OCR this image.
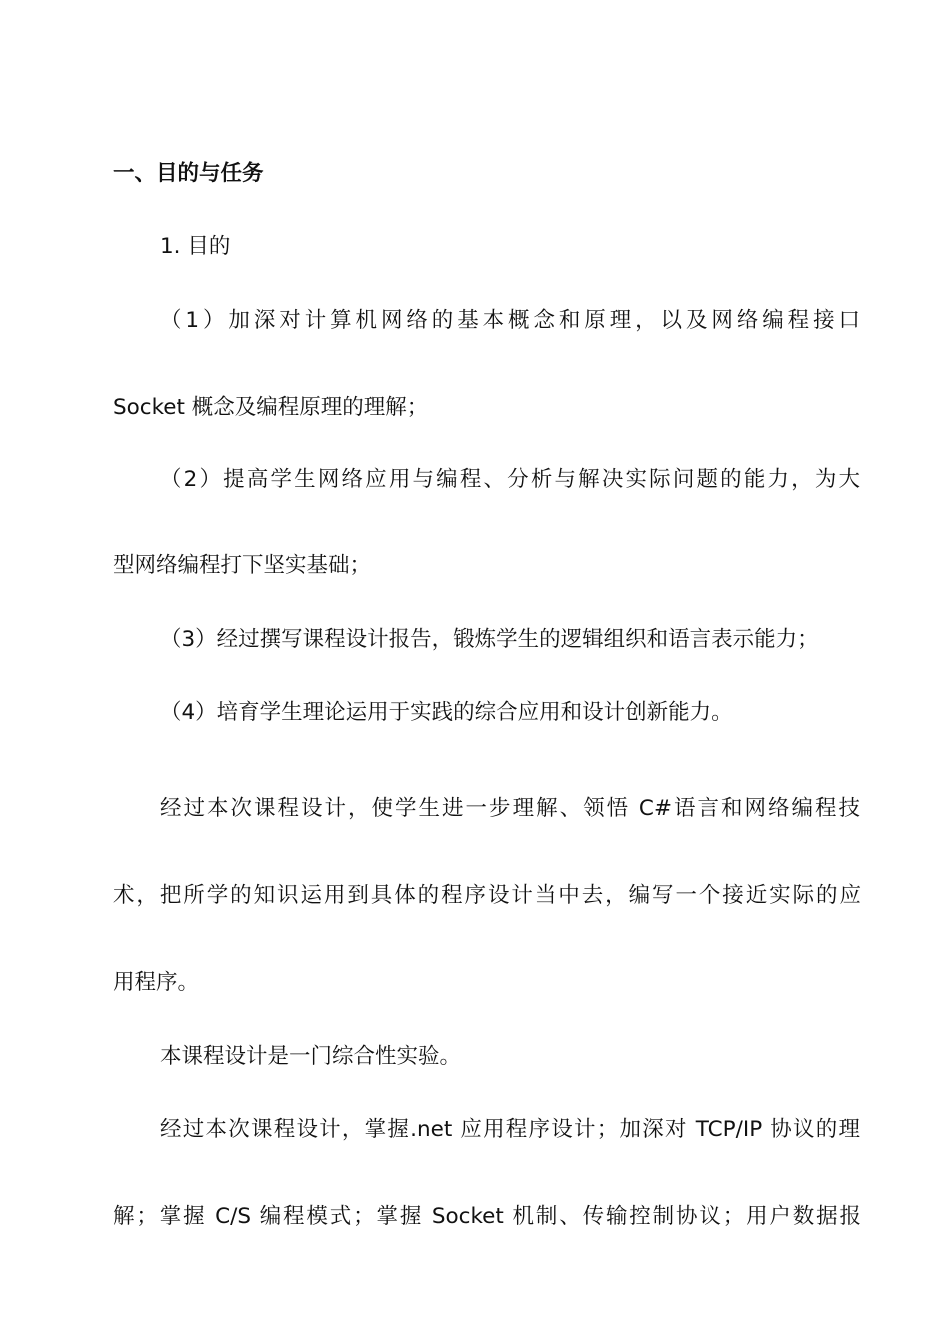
一、目的与任务
1. 目的
（1）加深对计算机网络的基本概念和原理，以及网络编程接口
Socket 概念及编程原理的理解；
（2）提高学生网络应用与编程、分析与解决实际问题的能力，为大
型网络编程打下坚实基础；
（3）经过撰写课程设计报告，锻炼学生的逻辑组织和语言表示能力；
（4）培育学生理论运用于实践的综合应用和设计创新能力。
经过本次课程设计，使学生进一步理解、领悟 C#语言和网络编程技
术，把所学的知识运用到具体的程序设计当中去，编写一个接近实际的应
用程序。
本课程设计是一门综合性实验。
经过本次课程设计，掌握.net 应用程序设计；加深对 TCP/IP 协议的理
解；掌握 C/S 编程模式；掌握 Socket 机制、传输控制协议；用户数据报
